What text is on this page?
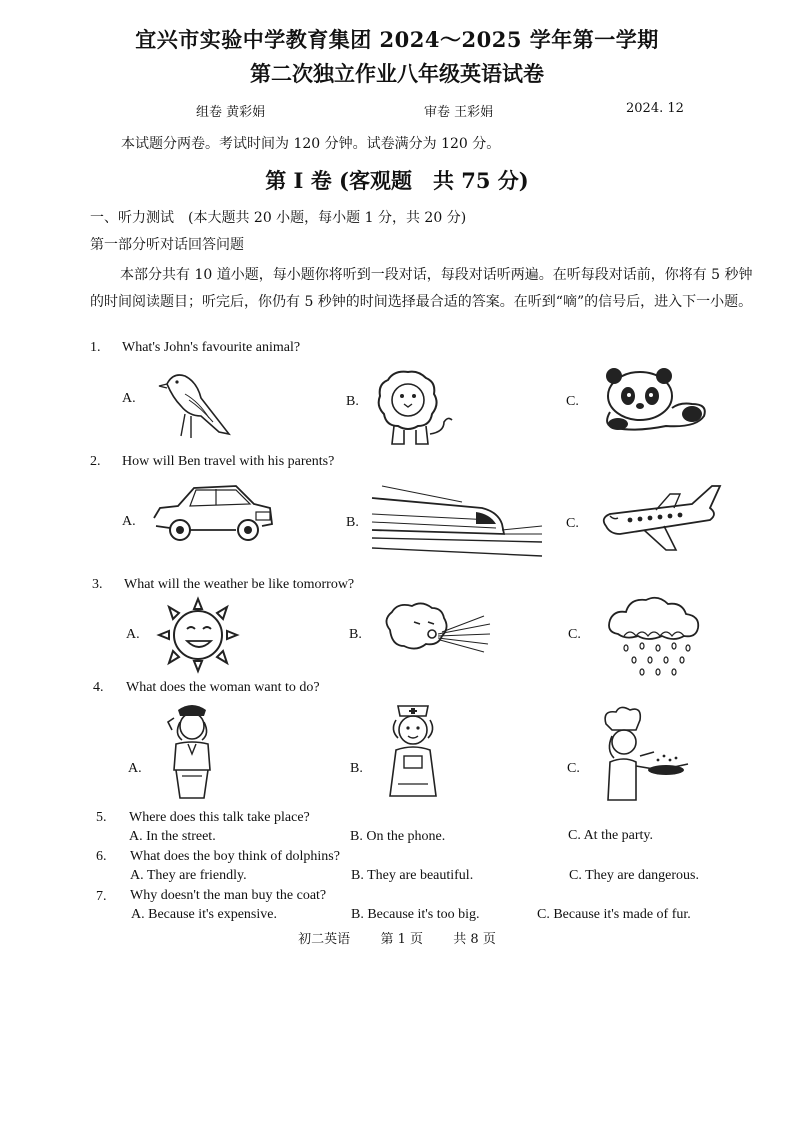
宜兴市实验中学教育集团 2024～2025 学年第一学期
第二次独立作业八年级英语试卷
组卷 黄彩娟	审卷 王彩娟	2024. 12
本试题分两卷。考试时间为 120 分钟。试卷满分为 120 分。
第 I 卷 (客观题　共 75 分)
一、听力测试　(本大题共 20 小题，每小题 1 分，共 20 分)
第一部分听对话回答问题
本部分共有 10 道小题，每小题你将听到一段对话，每段对话听两遍。在听每段对话前，你将有 5 秒钟的时间阅读题目；听完后，你仍有 5 秒钟的时间选择最合适的答案。在听到“嘀”的信号后，进入下一小题。
1. What's John's favourite animal?
A.	B.	C.
2. How will Ben travel with his parents?
A.	B.	C.
3. What will the weather be like tomorrow?
A.	B.	C.
4. What does the woman want to do?
A.	B.	C.
5. Where does this talk take place?
A. In the street.	B. On the phone.	C. At the party.
6. What does the boy think of dolphins?
A. They are friendly.	B. They are beautiful.	C. They are dangerous.
7. Why doesn't the man buy the coat?
A. Because it's expensive.	B. Because it's too big.	C. Because it's made of fur.
初二英语 第 1 页 共 8 页
